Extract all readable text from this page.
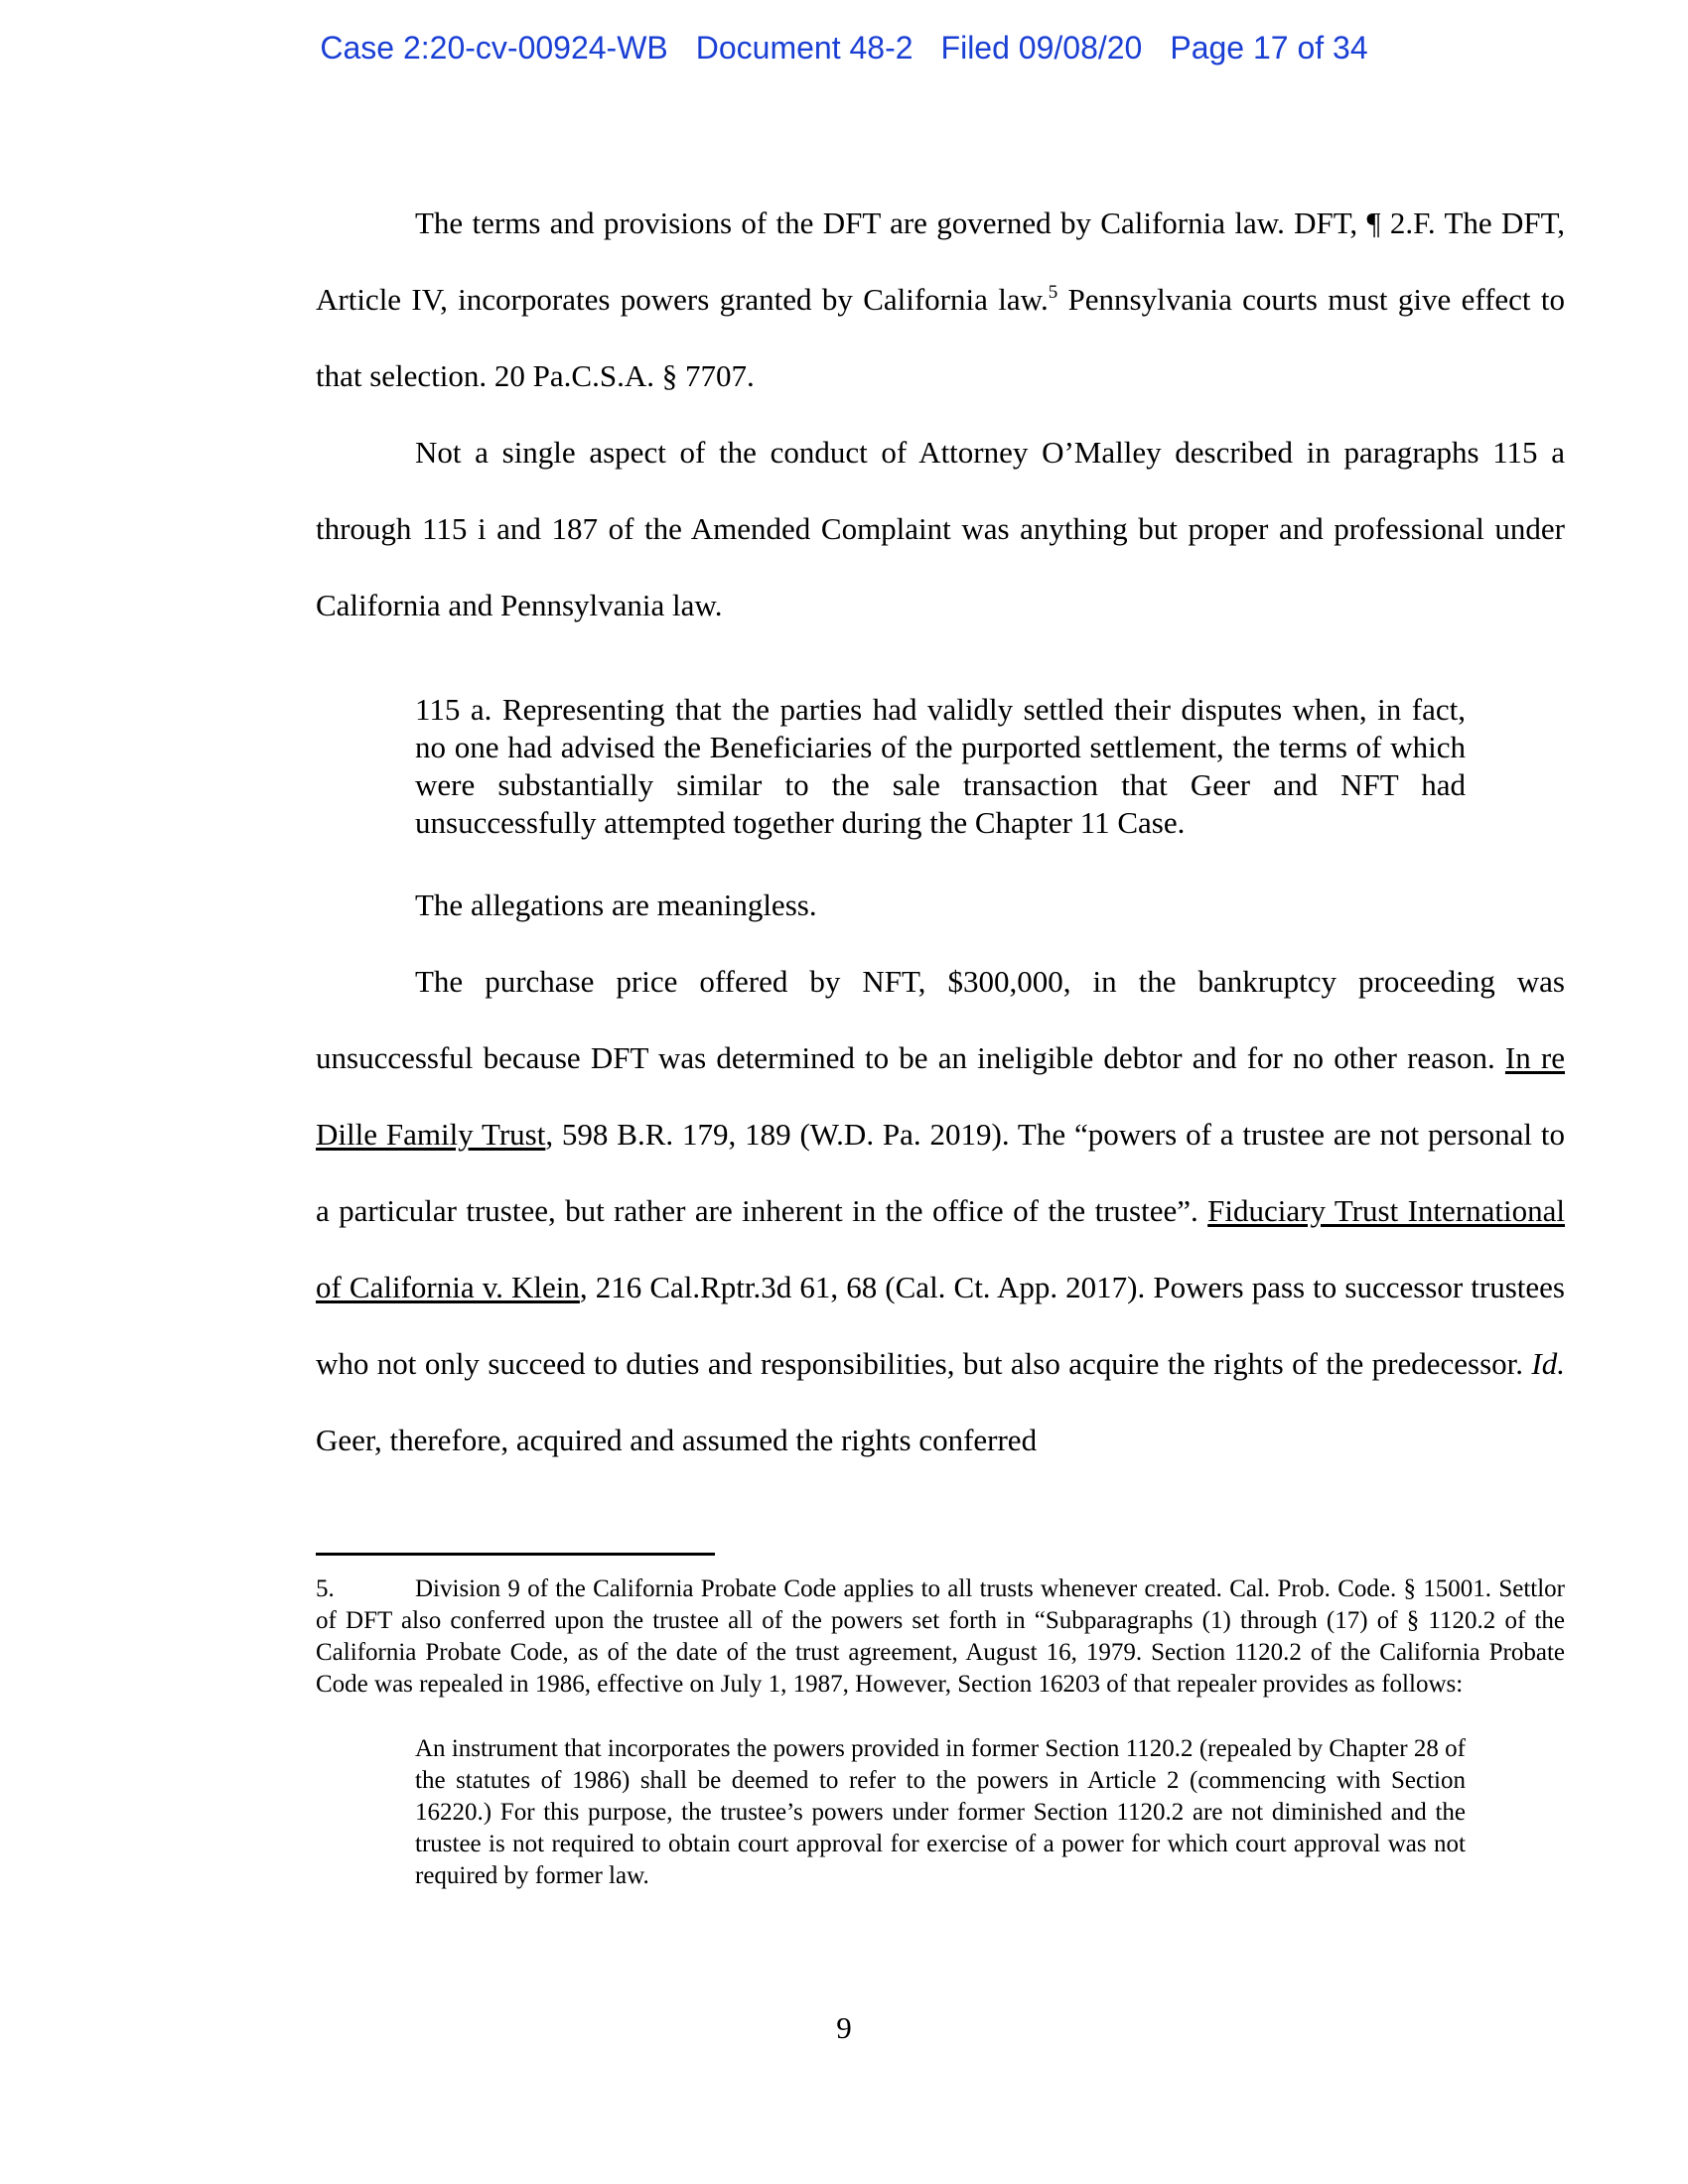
Case 2:20-cv-00924-WB Document 48-2 Filed 09/08/20 Page 17 of 34

The terms and provisions of the DFT are governed by California law. DFT, ¶ 2.F. The DFT, Article IV, incorporates powers granted by California law.$^5$ Pennsylvania courts must give effect to that selection. 20 Pa.C.S.A. § 7707.

Not a single aspect of the conduct of Attorney O’Malley described in paragraphs 115 a through 115 i and 187 of the Amended Complaint was anything but proper and professional under California and Pennsylvania law.

115 a. Representing that the parties had validly settled their disputes when, in fact, no one had advised the Beneficiaries of the purported settlement, the terms of which were substantially similar to the sale transaction that Geer and NFT had unsuccessfully attempted together during the Chapter 11 Case.

The allegations are meaningless.

The purchase price offered by NFT, $300,000, in the bankruptcy proceeding was unsuccessful because DFT was determined to be an ineligible debtor and for no other reason. In re Dille Family Trust, 598 B.R. 179, 189 (W.D. Pa. 2019). The “powers of a trustee are not personal to a particular trustee, but rather are inherent in the office of the trustee”. Fiduciary Trust International of California v. Klein, 216 Cal.Rptr.3d 61, 68 (Cal. Ct. App. 2017). Powers pass to successor trustees who not only succeed to duties and responsibilities, but also acquire the rights of the predecessor. Id. Geer, therefore, acquired and assumed the rights conferred

5.	Division 9 of the California Probate Code applies to all trusts whenever created. Cal. Prob. Code. § 15001. Settlor of DFT also conferred upon the trustee all of the powers set forth in “Subparagraphs (1) through (17) of § 1120.2 of the California Probate Code, as of the date of the trust agreement, August 16, 1979. Section 1120.2 of the California Probate Code was repealed in 1986, effective on July 1, 1987, However, Section 16203 of that repealer provides as follows:

An instrument that incorporates the powers provided in former Section 1120.2 (repealed by Chapter 28 of the statutes of 1986) shall be deemed to refer to the powers in Article 2 (commencing with Section 16220.) For this purpose, the trustee’s powers under former Section 1120.2 are not diminished and the trustee is not required to obtain court approval for exercise of a power for which court approval was not required by former law.

9
